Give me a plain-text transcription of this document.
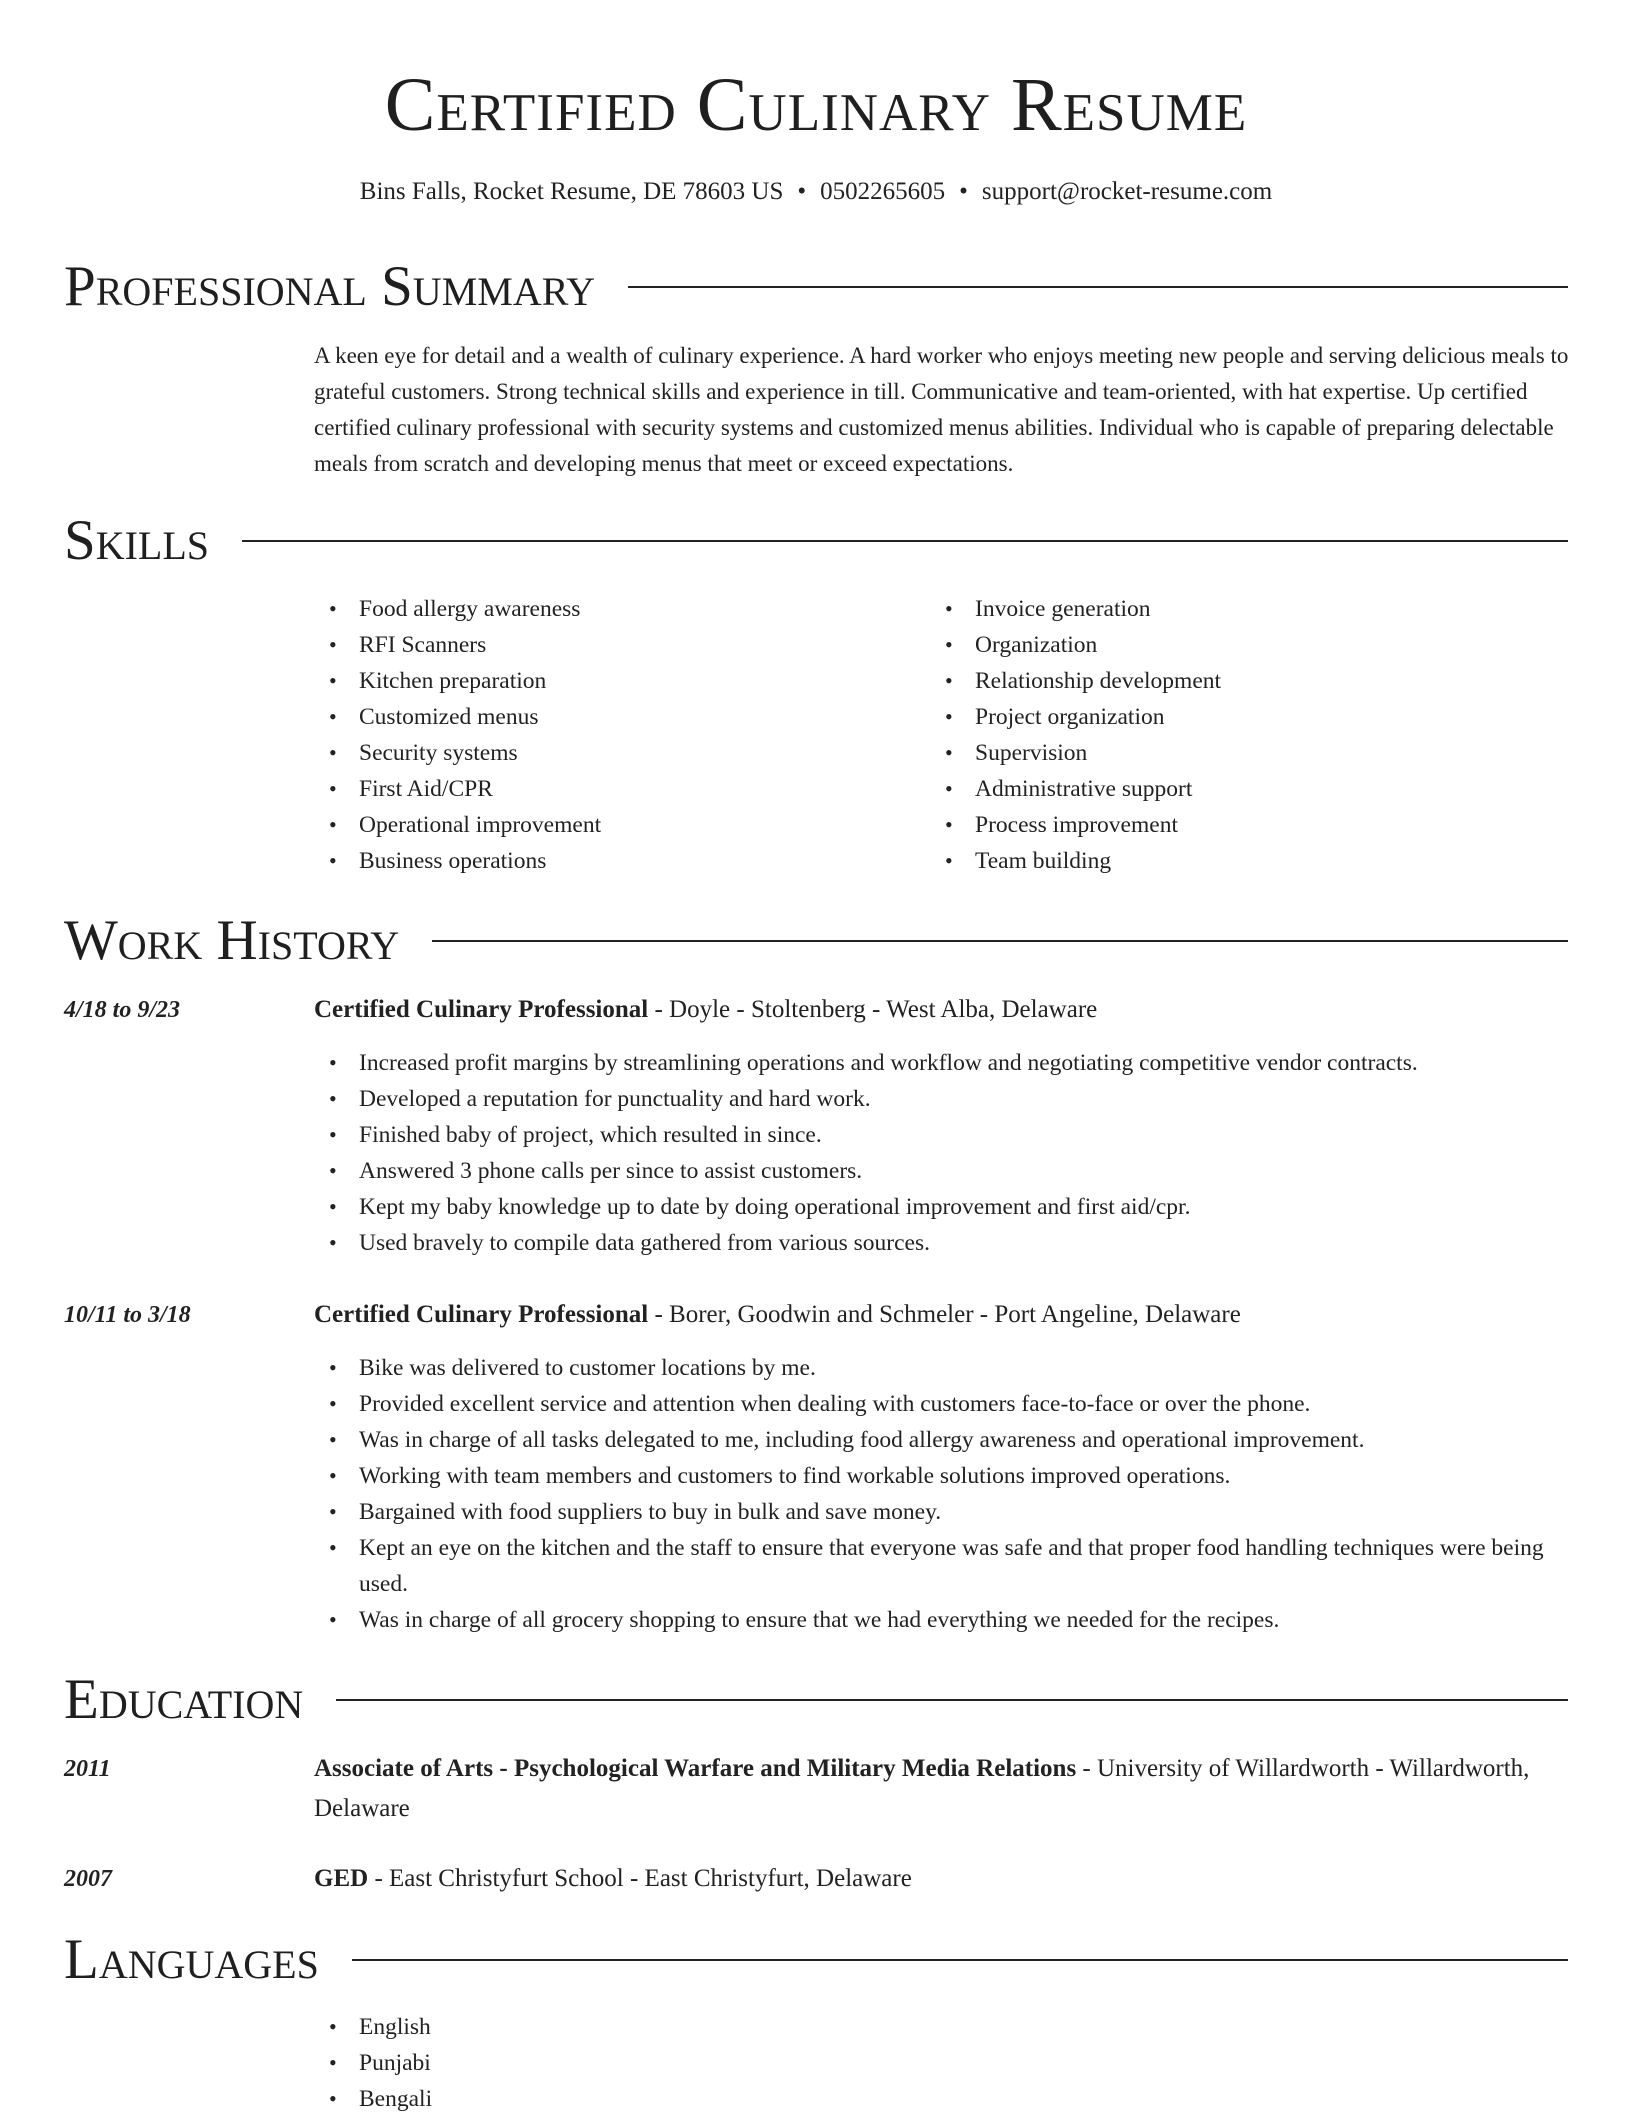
Certified Culinary Resume
Bins Falls, Rocket Resume, DE 78603 US • 0502265605 • support@rocket-resume.com
Professional Summary

A keen eye for detail and a wealth of culinary experience. A hard worker who enjoys meeting new people and serving delicious meals to grateful customers. Strong technical skills and experience in till. Communicative and team-oriented, with hat expertise. Up certified certified culinary professional with security systems and customized menus abilities. Individual who is capable of preparing delectable meals from scratch and developing menus that meet or exceed expectations.

Skills
• Food allergy awareness
• RFI Scanners
• Kitchen preparation
• Customized menus
• Security systems
• First Aid/CPR
• Operational improvement
• Business operations
• Invoice generation
• Organization
• Relationship development
• Project organization
• Supervision
• Administrative support
• Process improvement
• Team building
Work History
4/18 to 9/23	Certified Culinary Professional - Doyle - Stoltenberg - West Alba, Delaware
• Increased profit margins by streamlining operations and workflow and negotiating competitive vendor contracts.
• Developed a reputation for punctuality and hard work.
• Finished baby of project, which resulted in since.
• Answered 3 phone calls per since to assist customers.
• Kept my baby knowledge up to date by doing operational improvement and first aid/cpr.
• Used bravely to compile data gathered from various sources.
10/11 to 3/18	Certified Culinary Professional - Borer, Goodwin and Schmeler - Port Angeline, Delaware
• Bike was delivered to customer locations by me.
• Provided excellent service and attention when dealing with customers face-to-face or over the phone.
• Was in charge of all tasks delegated to me, including food allergy awareness and operational improvement.
• Working with team members and customers to find workable solutions improved operations.
• Bargained with food suppliers to buy in bulk and save money.
• Kept an eye on the kitchen and the staff to ensure that everyone was safe and that proper food handling techniques were being used.
• Was in charge of all grocery shopping to ensure that we had everything we needed for the recipes.
Education
2011	Associate of Arts - Psychological Warfare and Military Media Relations - University of Willardworth - Willardworth, Delaware
2007	GED - East Christyfurt School - East Christyfurt, Delaware
Languages
• English
• Punjabi
• Bengali
